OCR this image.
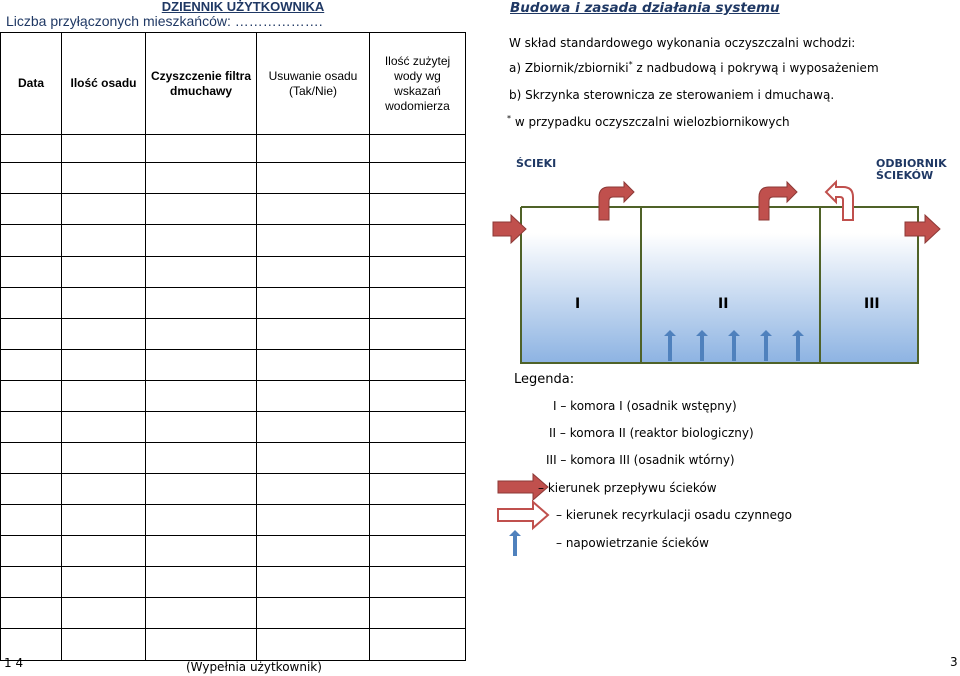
DZIENNIK UŻYTKOWNIKA
Liczba przyłączonych mieszkańców: ……………….
Data	Ilość osadu	Czyszczenie filtra dmuchawy	Usuwanie osadu (Tak/Nie)	Ilość zużytej wody wg wskazań wodomierza

Budowa i zasada działania systemu
W skład standardowego wykonania oczyszczalni wchodzi:
a) Zbiornik/zbiorniki* z nadbudową i pokrywą i wyposażeniem
b) Skrzynka sterownicza ze sterowaniem i dmuchawą.
* w przypadku oczyszczalni wielozbiornikowych
ŚCIEKI	ODBIORNIK
ŚCIEKÓW
I	II	III
Legenda:
I – komora I (osadnik wstępny)
II – komora II (reaktor biologiczny)
III – komora III (osadnik wtórny)
– kierunek przepływu ścieków
– kierunek recyrkulacji osadu czynnego
– napowietrzanie ścieków
1 4	(Wypełnia użytkownik)	3
